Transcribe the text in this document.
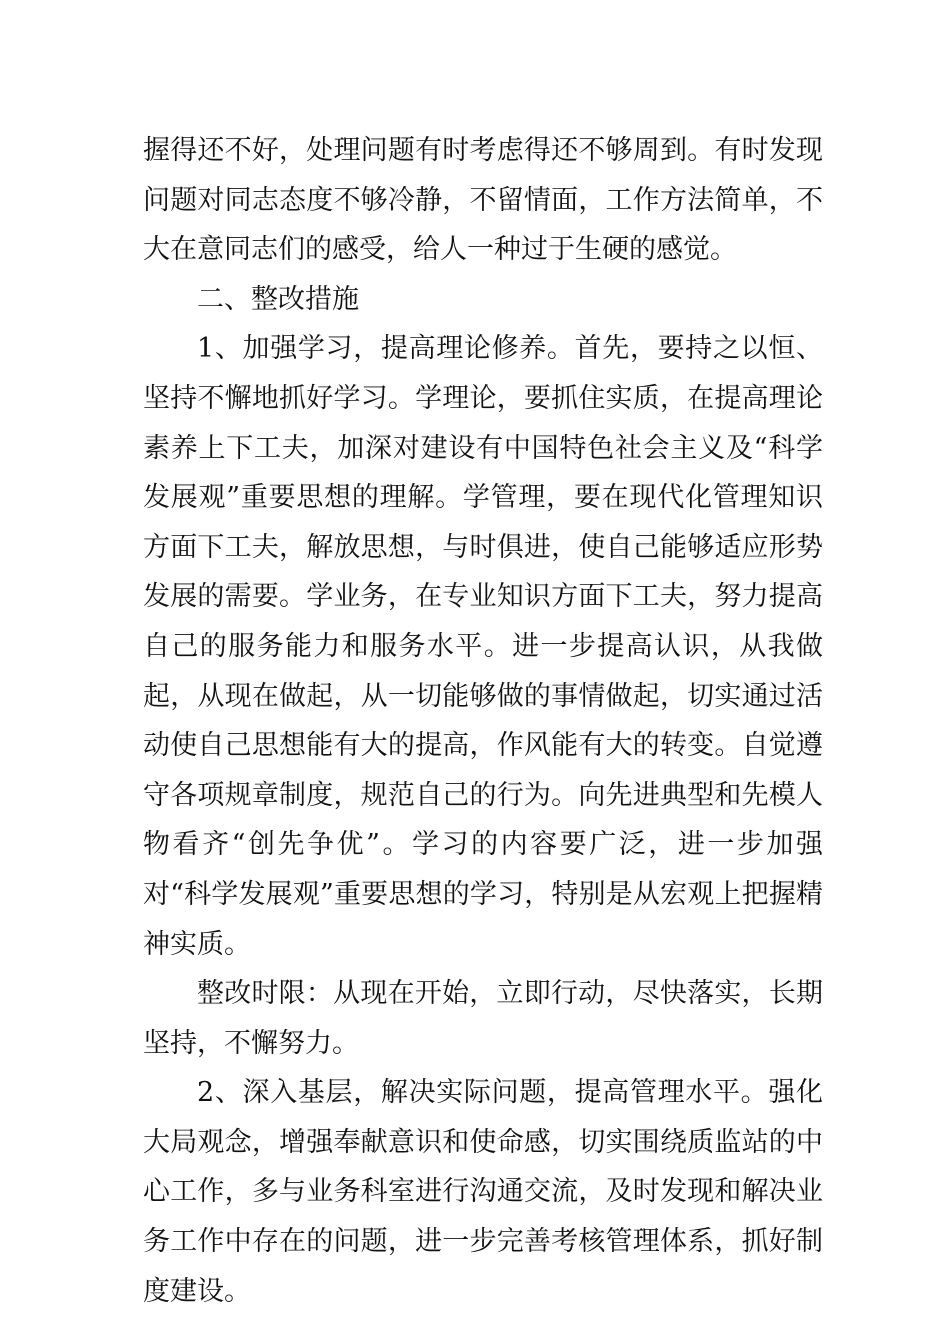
握得还不好，处理问题有时考虑得还不够周到。有时发现问题对同志态度不够冷静，不留情面，工作方法简单，不大在意同志们的感受，给人一种过于生硬的感觉。

二、整改措施

1、加强学习，提高理论修养。首先，要持之以恒、坚持不懈地抓好学习。学理论，要抓住实质，在提高理论素养上下工夫，加深对建设有中国特色社会主义及“科学发展观”重要思想的理解。学管理，要在现代化管理知识方面下工夫，解放思想，与时俱进，使自己能够适应形势发展的需要。学业务，在专业知识方面下工夫，努力提高自己的服务能力和服务水平。进一步提高认识，从我做起，从现在做起，从一切能够做的事情做起，切实通过活动使自己思想能有大的提高，作风能有大的转变。自觉遵守各项规章制度，规范自己的行为。向先进典型和先模人物看齐“创先争优”。学习的内容要广泛，进一步加强对“科学发展观”重要思想的学习，特别是从宏观上把握精神实质。

整改时限：从现在开始，立即行动，尽快落实，长期坚持，不懈努力。

2、深入基层，解决实际问题，提高管理水平。强化大局观念，增强奉献意识和使命感，切实围绕质监站的中心工作，多与业务科室进行沟通交流，及时发现和解决业务工作中存在的问题，进一步完善考核管理体系，抓好制度建设。
